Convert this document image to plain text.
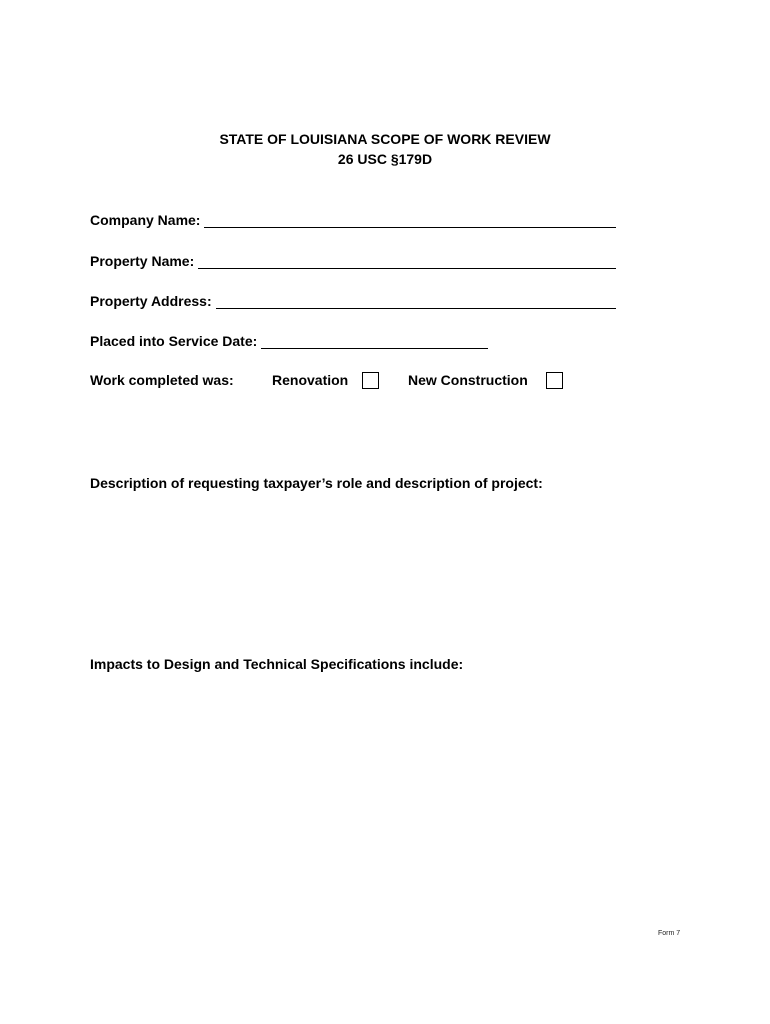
STATE OF LOUISIANA SCOPE OF WORK REVIEW
26 USC §179D
Company Name:
Property Name:
Property Address:
Placed into Service Date:
Work completed was:	Renovation	New Construction
Description of requesting taxpayer’s role and description of project:
Impacts to Design and Technical Specifications include:
Form 7
